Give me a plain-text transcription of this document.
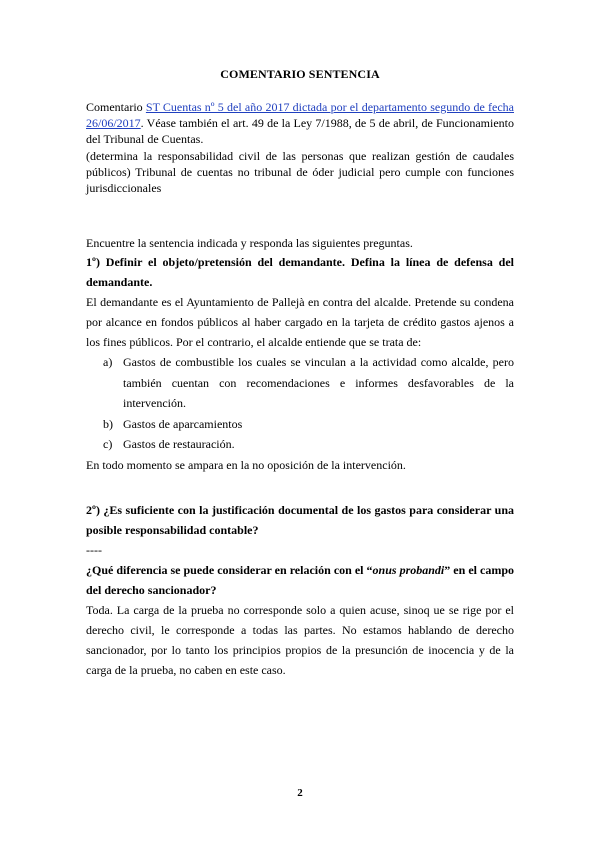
COMENTARIO SENTENCIA
Comentario ST Cuentas nº 5 del año 2017 dictada por el departamento segundo de fecha 26/06/2017. Véase también el art. 49 de la Ley 7/1988, de 5 de abril, de Funcionamiento del Tribunal de Cuentas.
(determina la responsabilidad civil de las personas que realizan gestión de caudales públicos) Tribunal de cuentas no tribunal de óder judicial pero cumple con funciones jurisdiccionales
Encuentre la sentencia indicada y responda las siguientes preguntas.
1º) Definir el objeto/pretensión del demandante. Defina la línea de defensa del demandante.
El demandante es el Ayuntamiento de Pallejà en contra del alcalde. Pretende su condena por alcance en fondos públicos al haber cargado en la tarjeta de crédito gastos ajenos a los fines públicos. Por el contrario, el alcalde entiende que se trata de:
a) Gastos de combustible los cuales se vinculan a la actividad como alcalde, pero también cuentan con recomendaciones e informes desfavorables de la intervención.
b) Gastos de aparcamientos
c) Gastos de restauración.
En todo momento se ampara en la no oposición de la intervención.
2º) ¿Es suficiente con la justificación documental de los gastos para considerar una posible responsabilidad contable?
----
¿Qué diferencia se puede considerar en relación con el “onus probandi” en el campo del derecho sancionador?
Toda. La carga de la prueba no corresponde solo a quien acuse, sinoq ue se rige por el derecho civil, le corresponde a todas las partes. No estamos hablando de derecho sancionador, por lo tanto los principios propios de la presunción de inocencia y de la carga de la prueba, no caben en este caso.
2
